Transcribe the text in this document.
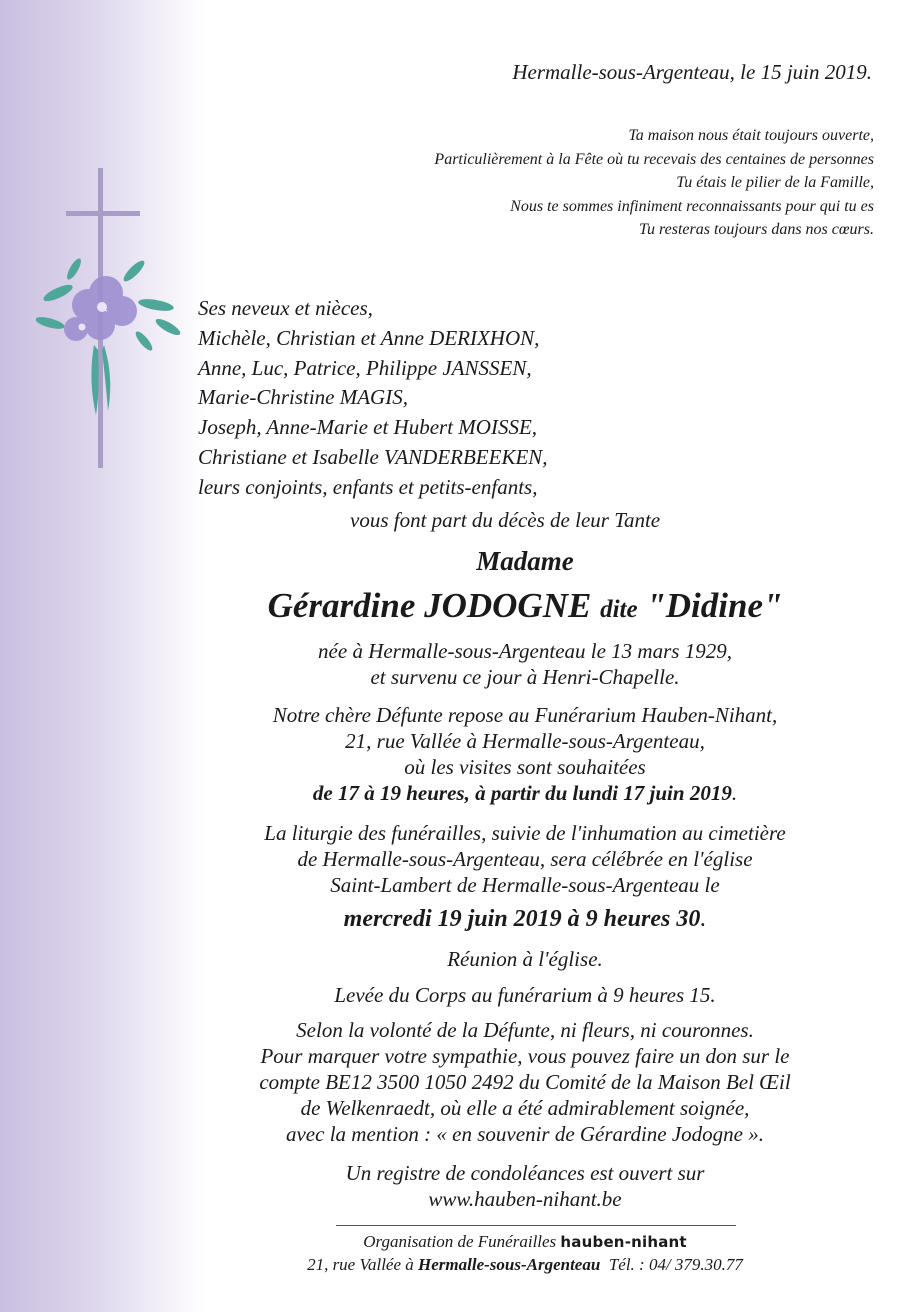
Hermalle-sous-Argenteau, le 15 juin 2019.
Ta maison nous était toujours ouverte,
Particulièrement à la Fête où tu recevais des centaines de personnes
Tu étais le pilier de la Famille,
Nous te sommes infiniment reconnaissants pour qui tu es
Tu resteras toujours dans nos cœurs.
Ses neveux et nièces,
Michèle, Christian et Anne DERIXHON,
Anne, Luc, Patrice, Philippe JANSSEN,
Marie-Christine MAGIS,
Joseph, Anne-Marie et Hubert MOISSE,
Christiane et Isabelle VANDERBEEKEN,
leurs conjoints, enfants et petits-enfants,
vous font part du décès de leur Tante
Madame
Gérardine JODOGNE dite "Didine"
née à Hermalle-sous-Argenteau le 13 mars 1929,
et survenu ce jour à Henri-Chapelle.
Notre chère Défunte repose au Funérarium Hauben-Nihant,
21, rue Vallée à Hermalle-sous-Argenteau,
où les visites sont souhaitées
de 17 à 19 heures, à partir du lundi 17 juin 2019.
La liturgie des funérailles, suivie de l'inhumation au cimetière
de Hermalle-sous-Argenteau, sera célébrée en l'église
Saint-Lambert de Hermalle-sous-Argenteau le
mercredi 19 juin 2019 à 9 heures 30.
Réunion à l'église.
Levée du Corps au funérarium à 9 heures 15.
Selon la volonté de la Défunte, ni fleurs, ni couronnes.
Pour marquer votre sympathie, vous pouvez faire un don sur le
compte BE12 3500 1050 2492 du Comité de la Maison Bel Œil
de Welkenraedt, où elle a été admirablement soignée,
avec la mention : « en souvenir de Gérardine Jodogne ».
Un registre de condoléances est ouvert sur
www.hauben-nihant.be
Organisation de Funérailles hauben-nihant
21, rue Vallée à Hermalle-sous-Argenteau Tél. : 04/ 379.30.77
